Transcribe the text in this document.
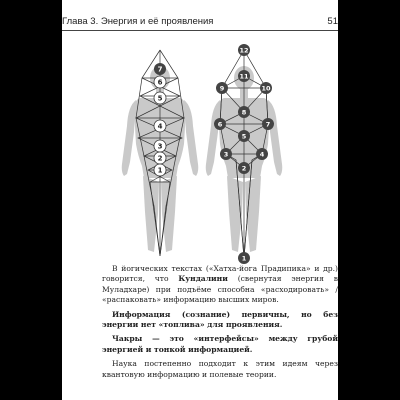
Глава 3. Энергия и её проявления	51
7
6
5
4
3
2
1
12
11
9	10
8
6	7
5
4
3
2
1

В йогических текстах («Хатха-йога Прадипика» и др.) говорится, что Кундалини (свернутая энергия в Муладхаре) при подъёме способна «расходировать» / «распаковать» информацию высших миров.

Информация (сознание) первичны, но без энергии нет «топлива» для проявления.

Чакры — это «интерфейсы» между грубой энергией и тонкой информацией.

Наука постепенно подходит к этим идеям через квантовую информацию и полевые теории.
